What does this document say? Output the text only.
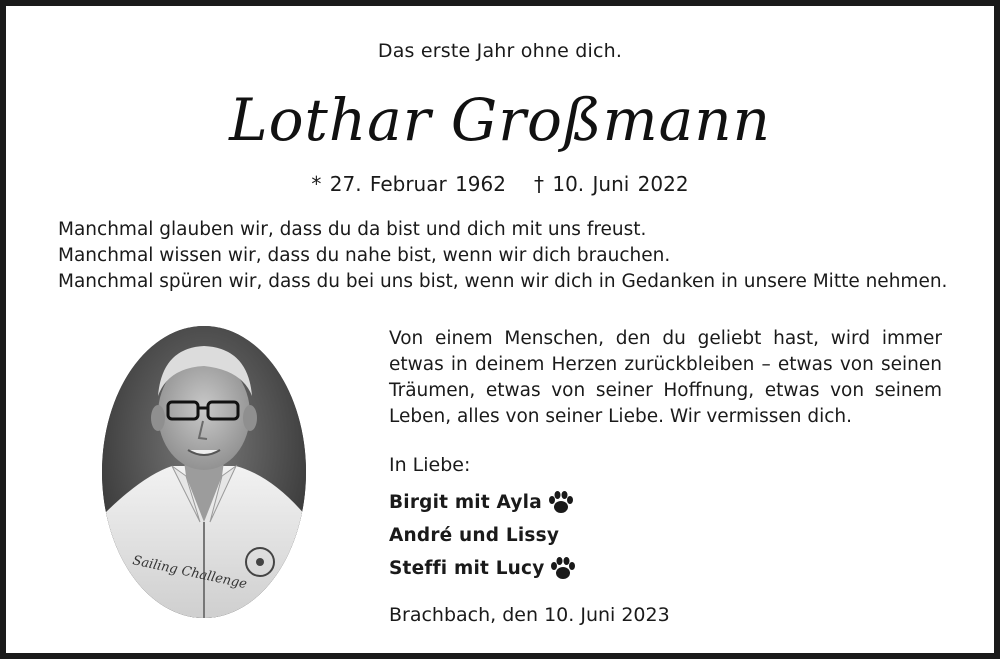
Das erste Jahr ohne dich.
Lothar Großmann
* 27. Februar 1962 † 10. Juni 2022
Manchmal glauben wir, dass du da bist und dich mit uns freust.
Manchmal wissen wir, dass du nahe bist, wenn wir dich brauchen.
Manchmal spüren wir, dass du bei uns bist, wenn wir dich in Gedanken in unsere Mitte nehmen.
Sailing Challenge
Von einem Menschen, den du geliebt hast, wird immer
etwas in deinem Herzen zurückbleiben – etwas von seinen
Träumen, etwas von seiner Hoffnung, etwas von seinem
Leben, alles von seiner Liebe. Wir vermissen dich.
In Liebe:
Birgit mit Ayla
André und Lissy
Steffi mit Lucy
Brachbach, den 10. Juni 2023
